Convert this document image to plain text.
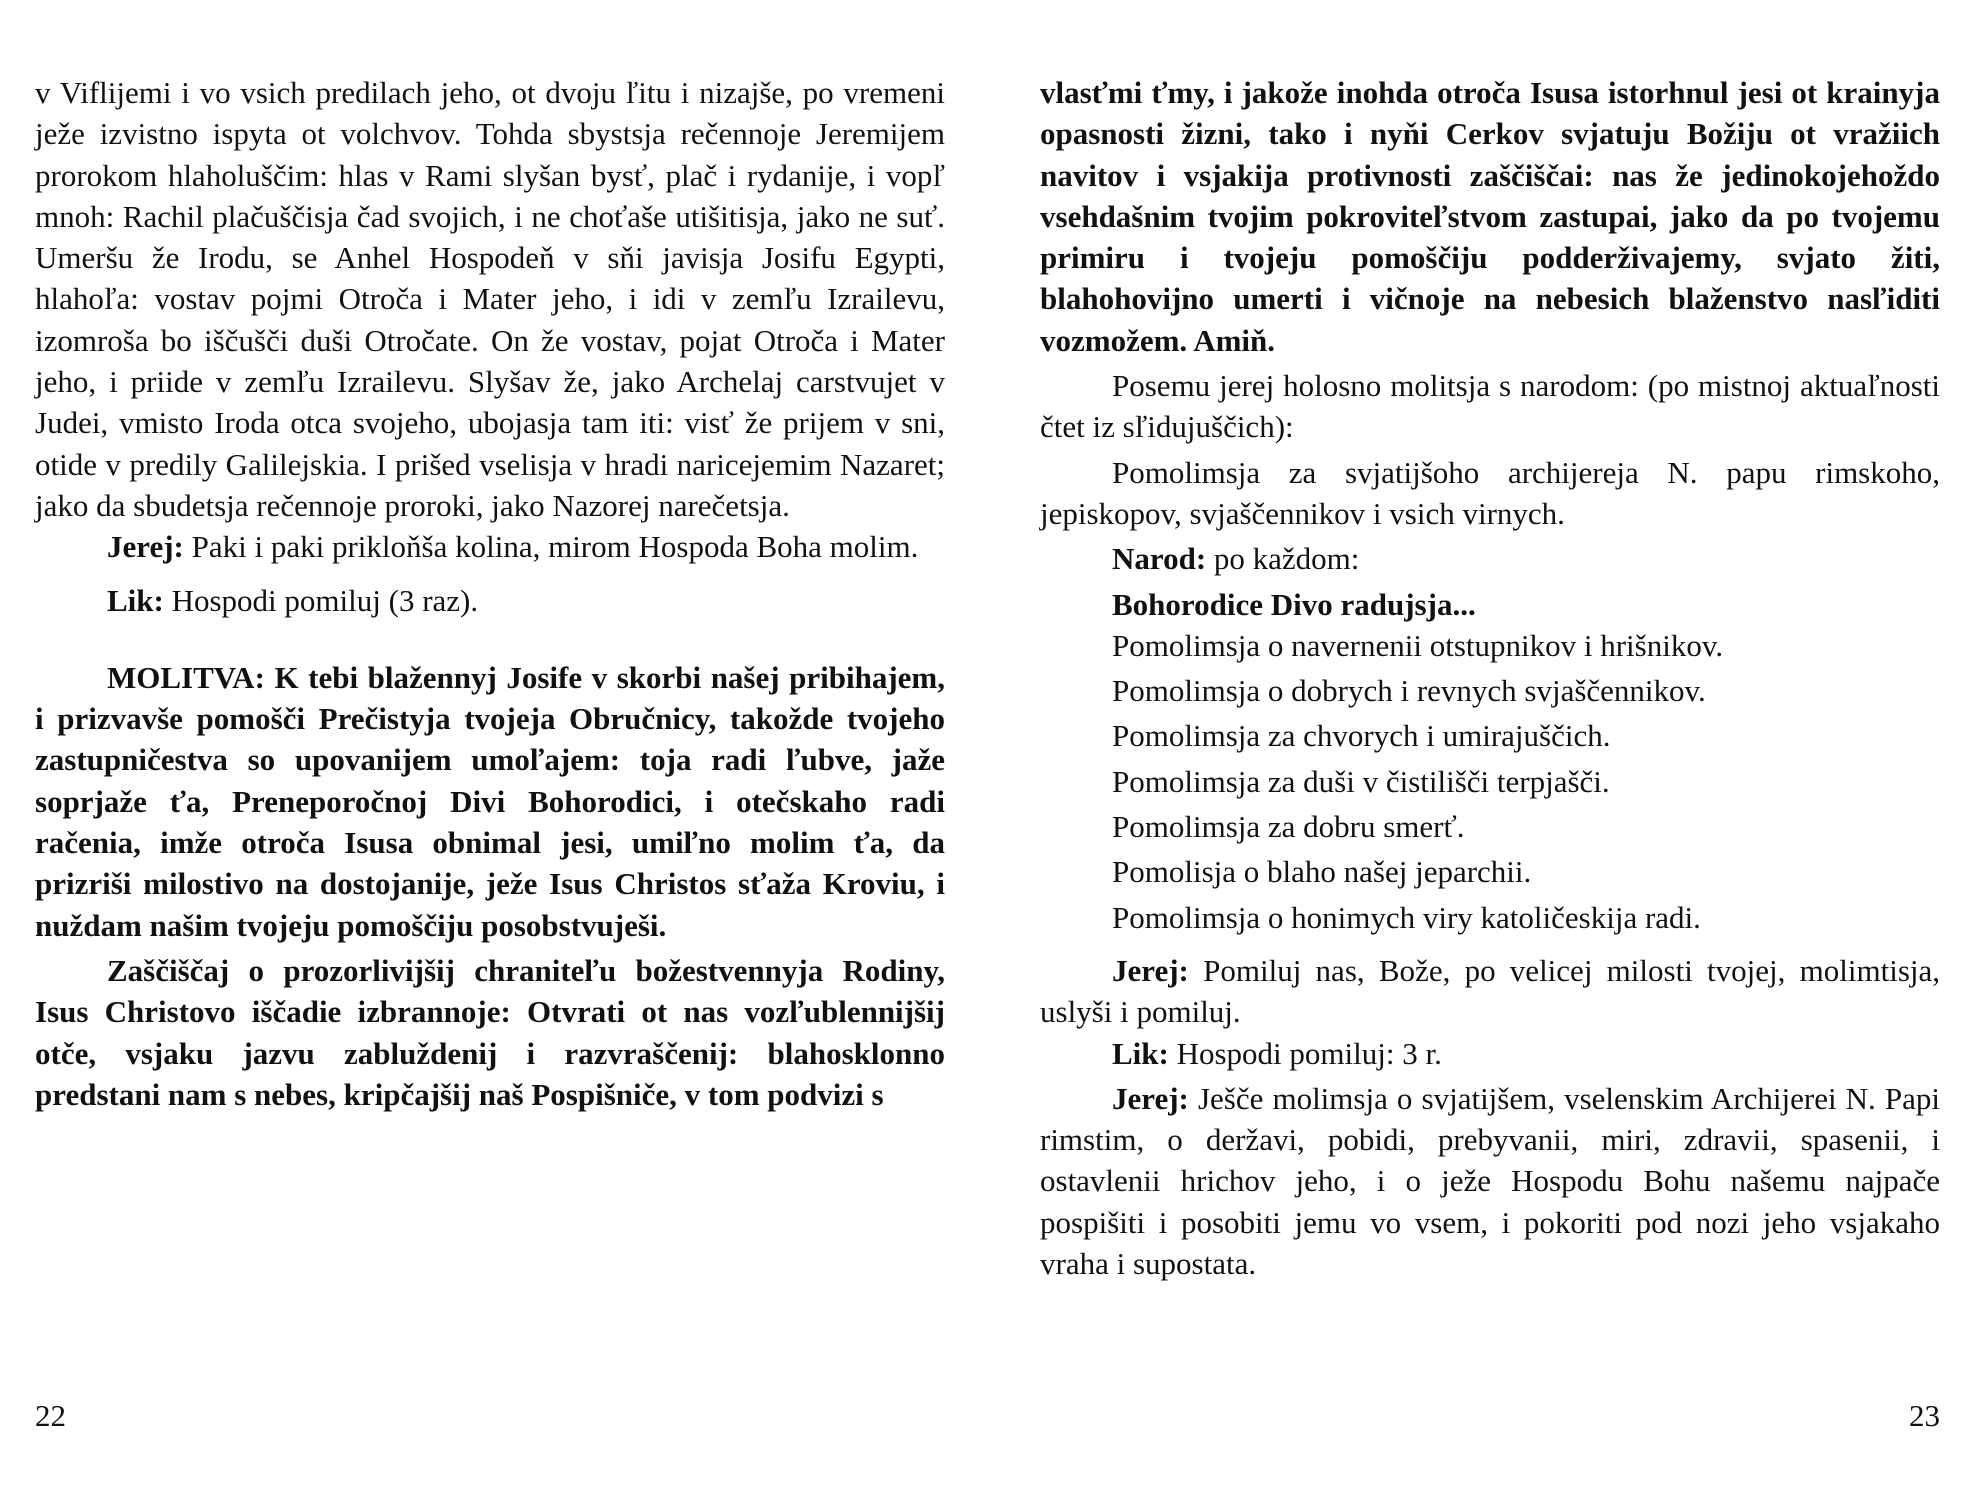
v Viflijemi i vo vsich predilach jeho, ot dvoju ľitu i nizajše, po vremeni ježe izvistno ispyta ot volchvov. Tohda sbystsja rečennoje Jeremijem prorokom hlaholuščim: hlas v Rami slyšan bysť, plač i rydanije, i vopľ mnoh: Rachil plačuščisja čad svojich, i ne choťaše utišitisja, jako ne suť. Umeršu že Irodu, se Anhel Hospodeň v sňi javisja Josifu Egypti, hlahoľa: vostav pojmi Otroča i Mater jeho, i idi v zemľu Izrailevu, izomroša bo iščušči duši Otročate. On že vostav, pojat Otroča i Mater jeho, i priide v zemľu Izrailevu. Slyšav že, jako Archelaj carstvujet v Judei, vmisto Iroda otca svojeho, ubojasja tam iti: visť že prijem v sni, otide v predily Galilejskia. I prišed vselisja v hradi naricejemim Nazaret; jako da sbudetsja rečennoje proroki, jako Nazorej narečetsja.

Jerej: Paki i paki prikloňša kolina, mirom Hospoda Boha molim.

Lik: Hospodi pomiluj (3 raz).

MOLITVA: K tebi blažennyj Josife v skorbi našej pribihajem, i prizvavše pomošči Prečistyja tvojeja Obručnicy, takožde tvojeho zastupničestva so upovanijem umoľajem: toja radi ľubve, jaže soprjaže ťa, Preneporočnoj Divi Bohorodici, i otečskaho radi račenia, imže otroča Isusa obnimal jesi, umiľno molim ťa, da prizriši milostivo na dostojanije, ježe Isus Christos sťaža Kroviu, i nuždam našim tvojeju pomoščiju posobstvuješi.

Zaščiščaj o prozorlivijšij chraniteľu božestvennyja Rodiny, Isus Christovo iščadie izbrannoje: Otvrati ot nas vozľublennijšij otče, vsjaku jazvu zabluždenij i razvraščenij: blahosklonno predstani nam s nebes, kripčajšij naš Pospišniče, v tom podvizi s

vlasťmi ťmy, i jakože inohda otroča Isusa istorhnul jesi ot krainyja opasnosti žizni, tako i nyňi Cerkov svjatuju Božiju ot vražiich navitov i vsjakija protivnosti zaščiščai: nas že jedinokojehoždo vsehdašnim tvojim pokroviteľstvom zastupai, jako da po tvojemu primiru i tvojeju pomoščiju podderživajemy, svjato žiti, blahohovijno umerti i vičnoje na nebesich blaženstvo nasľiditi vozmožem. Amiň.

Posemu jerej holosno molitsja s narodom: (po mistnoj aktuaľnosti čtet iz sľidujuščich):

Pomolimsja za svjatijšoho archijereja N. papu rimskoho, jepiskopov, svjaščennikov i vsich virnych.

Narod: po každom:

Bohorodice Divo radujsja...

Pomolimsja o navernenii otstupnikov i hrišnikov.

Pomolimsja o dobrych i revnych svjaščennikov.

Pomolimsja za chvorych i umirajuščich.

Pomolimsja za duši v čistilišči terpjašči.

Pomolimsja za dobru smerť.

Pomolisja o blaho našej jeparchii.

Pomolimsja o honimych viry katoličeskija radi.

Jerej: Pomiluj nas, Bože, po velicej milosti tvojej, molimtisja, uslyši i pomiluj.

Lik: Hospodi pomiluj: 3 r.

Jerej: Ješče molimsja o svjatijšem, vselenskim Archijerei N. Papi rimstim, o deržavi, pobidi, prebyvanii, miri, zdravii, spasenii, i ostavlenii hrichov jeho, i o ježe Hospodu Bohu našemu najpače pospišiti i posobiti jemu vo vsem, i pokoriti pod nozi jeho vsjakaho vraha i supostata.

22	23
